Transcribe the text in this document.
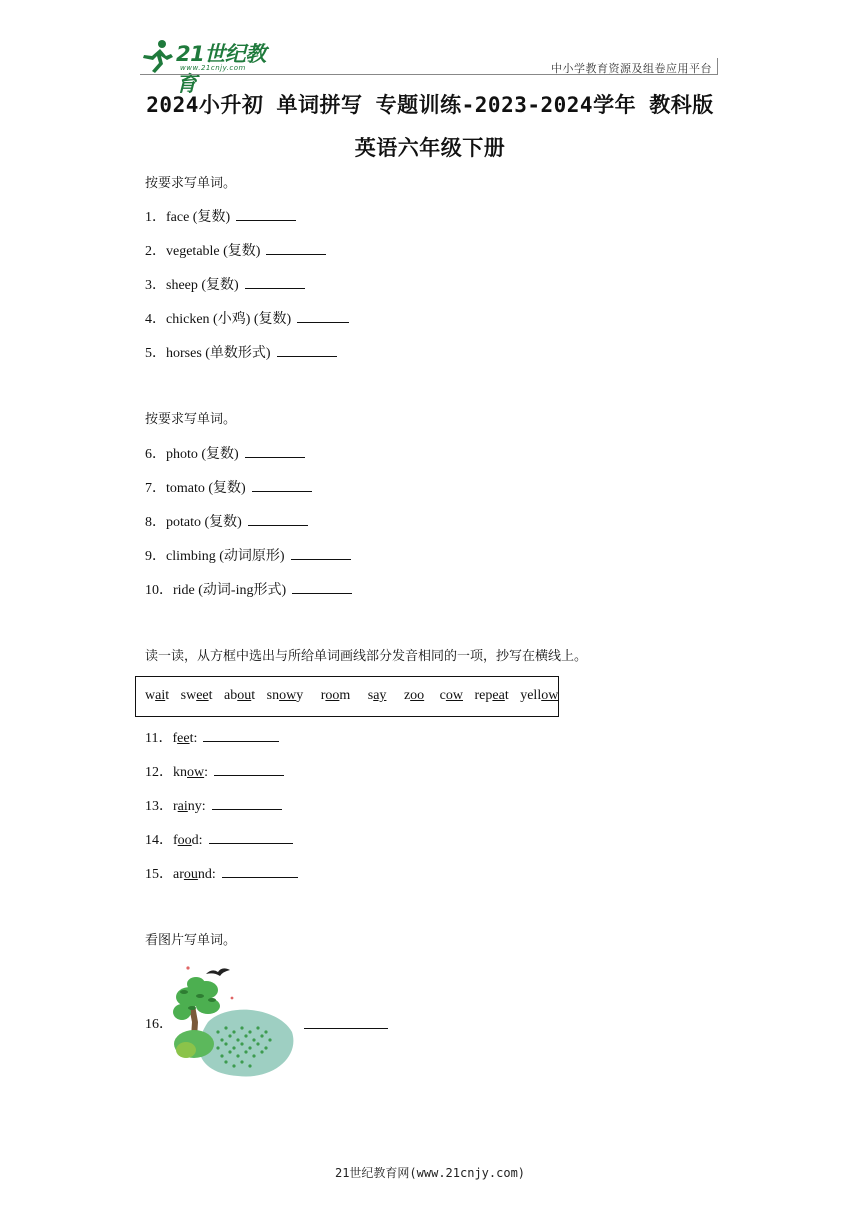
21世纪教育
www.21cnjy.com	中小学教育资源及组卷应用平台
2024小升初 单词拼写 专题训练-2023-2024学年 教科版
英语六年级下册
按要求写单词。
1．face (复数)
2．vegetable (复数)
3．sheep (复数)
4．chicken (小鸡) (复数)
5．horses (单数形式)
按要求写单词。
6．photo (复数)
7．tomato (复数)
8．potato (复数)
9．climbing (动词原形)
10．ride (动词-ing形式)
读一读，从方框中选出与所给单词画线部分发音相同的一项，抄写在横线上。
wait sweet about snowy room say zoo cow repeat yellow
11．feet:
12．know:
13．rainy:
14．food:
15．around:
看图片写单词。
16．
21世纪教育网(www.21cnjy.com)
